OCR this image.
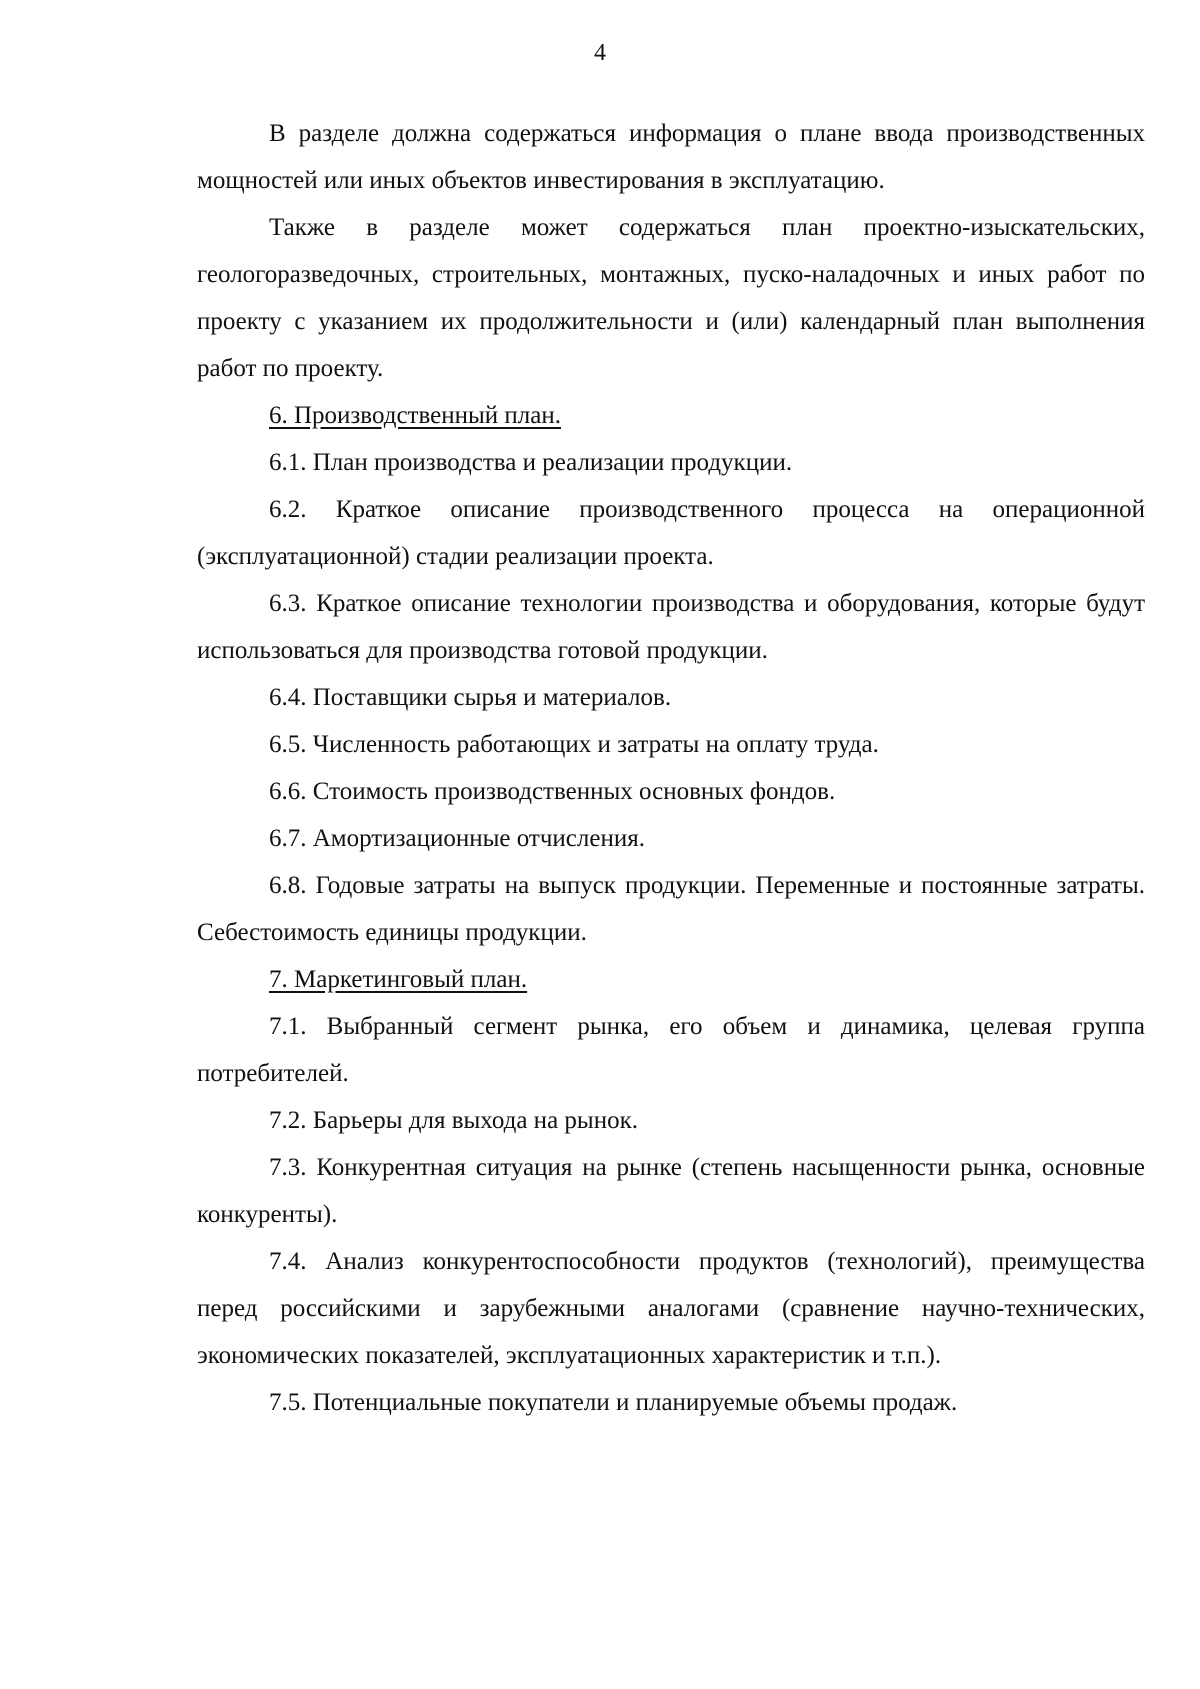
4

В разделе должна содержаться информация о плане ввода производственных мощностей или иных объектов инвестирования в эксплуатацию.

Также в разделе может содержаться план проектно-изыскательских, геологоразведочных, строительных, монтажных, пуско-наладочных и иных работ по проекту с указанием их продолжительности и (или) календарный план выполнения работ по проекту.

6. Производственный план.

6.1. План производства и реализации продукции.

6.2. Краткое описание производственного процесса на операционной (эксплуатационной) стадии реализации проекта.

6.3. Краткое описание технологии производства и оборудования, которые будут использоваться для производства готовой продукции.

6.4. Поставщики сырья и материалов.

6.5. Численность работающих и затраты на оплату труда.

6.6. Стоимость производственных основных фондов.

6.7. Амортизационные отчисления.

6.8. Годовые затраты на выпуск продукции. Переменные и постоянные затраты. Себестоимость единицы продукции.

7. Маркетинговый план.

7.1. Выбранный сегмент рынка, его объем и динамика, целевая группа потребителей.

7.2. Барьеры для выхода на рынок.

7.3. Конкурентная ситуация на рынке (степень насыщенности рынка, основные конкуренты).

7.4. Анализ конкурентоспособности продуктов (технологий), преимущества перед российскими и зарубежными аналогами (сравнение научно-технических, экономических показателей, эксплуатационных характеристик и т.п.).

7.5. Потенциальные покупатели и планируемые объемы продаж.
